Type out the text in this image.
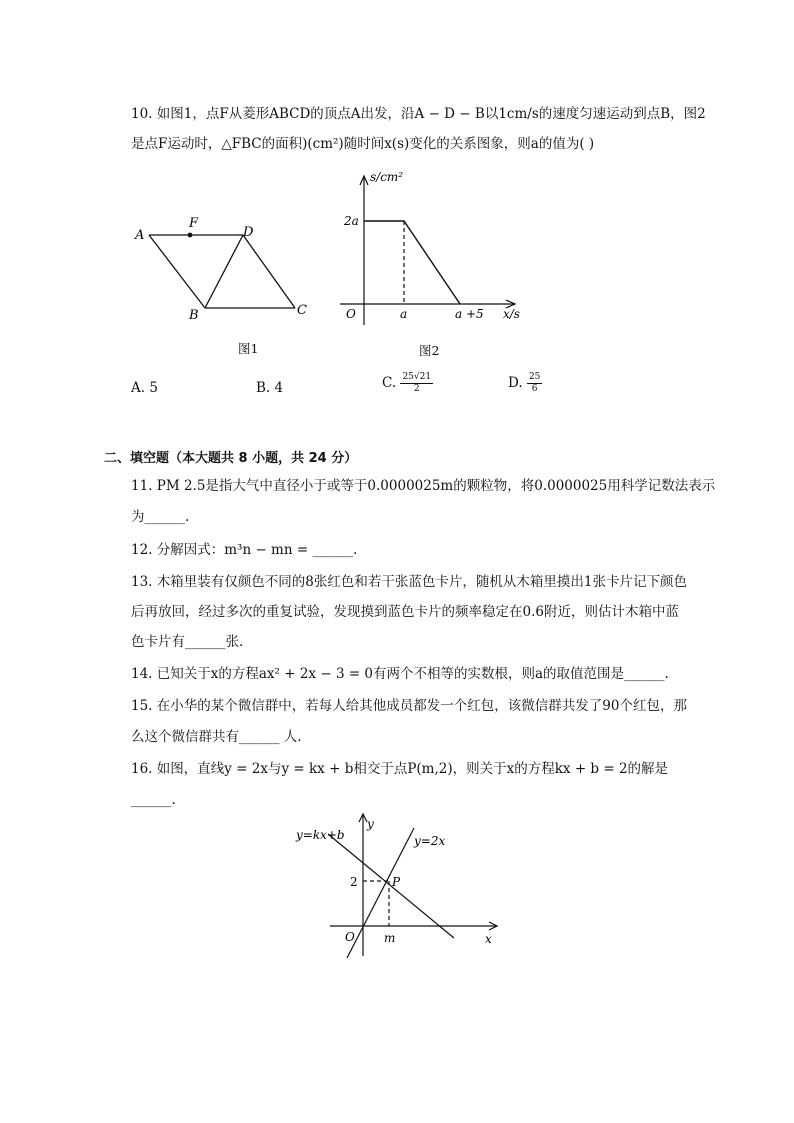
10. 如图1，点F从菱形ABCD的顶点A出发，沿A − D − B以1cm/s的速度匀速运动到点B，图2
是点F运动时，△FBC的面积)(cm²)随时间x(s)变化的关系图象，则a的值为( )
A
F
D
B	C
图1
s/cm²
2a
O	a	a +5 x/s
图2
A. 5	B. 4	C. $\frac{25√21}{2}$	D. $\frac{25}{6}$
二、填空题（本大题共 8 小题，共 24 分）
11. PM 2.5是指大气中直径小于或等于0.0000025m的颗粒物，将0.0000025用科学记数法表示
为______.
12. 分解因式：m³n − mn = ______.
13. 木箱里装有仅颜色不同的8张红色和若干张蓝色卡片，随机从木箱里摸出1张卡片记下颜色
后再放回，经过多次的重复试验，发现摸到蓝色卡片的频率稳定在0.6附近，则估计木箱中蓝
色卡片有______张.
14. 已知关于x的方程ax² + 2x − 3 = 0有两个不相等的实数根，则a的取值范围是______.
15. 在小华的某个微信群中，若每人给其他成员都发一个红包，该微信群共发了90个红包，那
么这个微信群共有______ 人.
16. 如图，直线y = 2x与y = kx + b相交于点P(m,2)，则关于x的方程kx + b = 2的解是
______.
y=kx+b	y=2x
y
2	P
O m	x
